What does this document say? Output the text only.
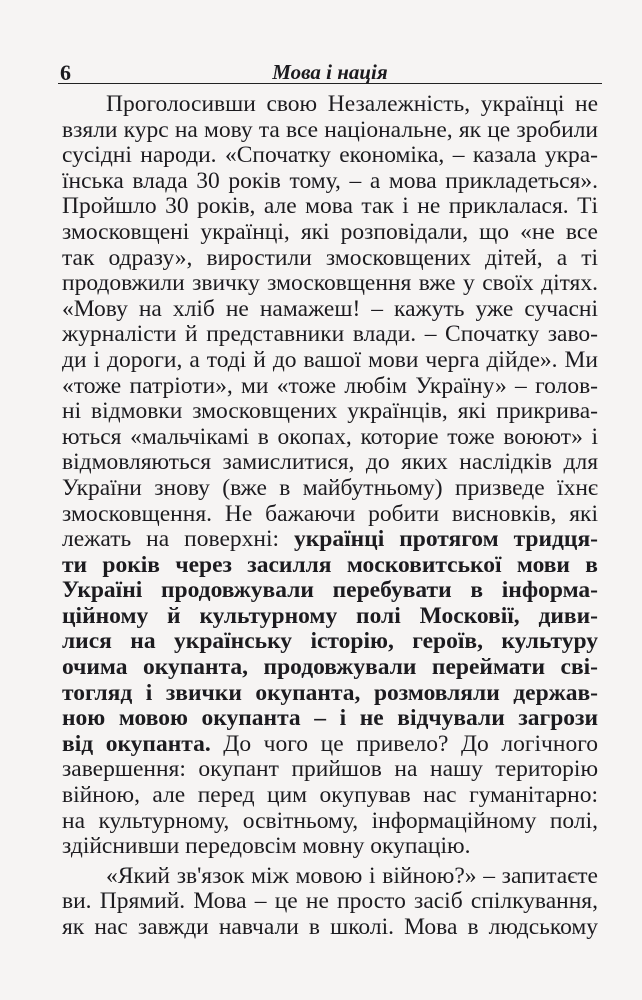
6	Мова і нація
Проголосивши свою Незалежність, українці не
взяли курс на мову та все національне, як це зробили
сусідні народи. «Спочатку економіка, – казала укра-
їнська влада 30 років тому, – а мова прикладеться».
Пройшло 30 років, але мова так і не приклалася. Ті
змосковщені українці, які розповідали, що «не все
так одразу», виростили змосковщених дітей, а ті
продовжили звичку змосковщення вже у своїх дітях.
«Мову на хліб не намажеш! – кажуть уже сучасні
журналісти й представники влади. – Спочатку заво-
ди і дороги, а тоді й до вашої мови черга дійде». Ми
«тоже патріоти», ми «тоже любім Україну» – голов-
ні відмовки змосковщених українців, які прикрива-
ються «мальчікамі в окопах, которие тоже воюют» і
відмовляються замислитися, до яких наслідків для
України знову (вже в майбутньому) призведе їхнє
змосковщення. Не бажаючи робити висновків, які
лежать на поверхні: українці протягом тридця-
ти років через засилля московитської мови в
Україні продовжували перебувати в інформа-
ційному й культурному полі Московії, диви-
лися на українську історію, героїв, культуру
очима окупанта, продовжували переймати сві-
тогляд і звички окупанта, розмовляли держав-
ною мовою окупанта – і не відчували загрози
від окупанта. До чого це привело? До логічного
завершення: окупант прийшов на нашу територію
війною, але перед цим окупував нас гуманітарно:
на культурному, освітньому, інформаційному полі,
здійснивши передовсім мовну окупацію.
«Який зв'язок між мовою і війною?» – запитаєте
ви. Прямий. Мова – це не просто засіб спілкування,
як нас завжди навчали в школі. Мова в людському
